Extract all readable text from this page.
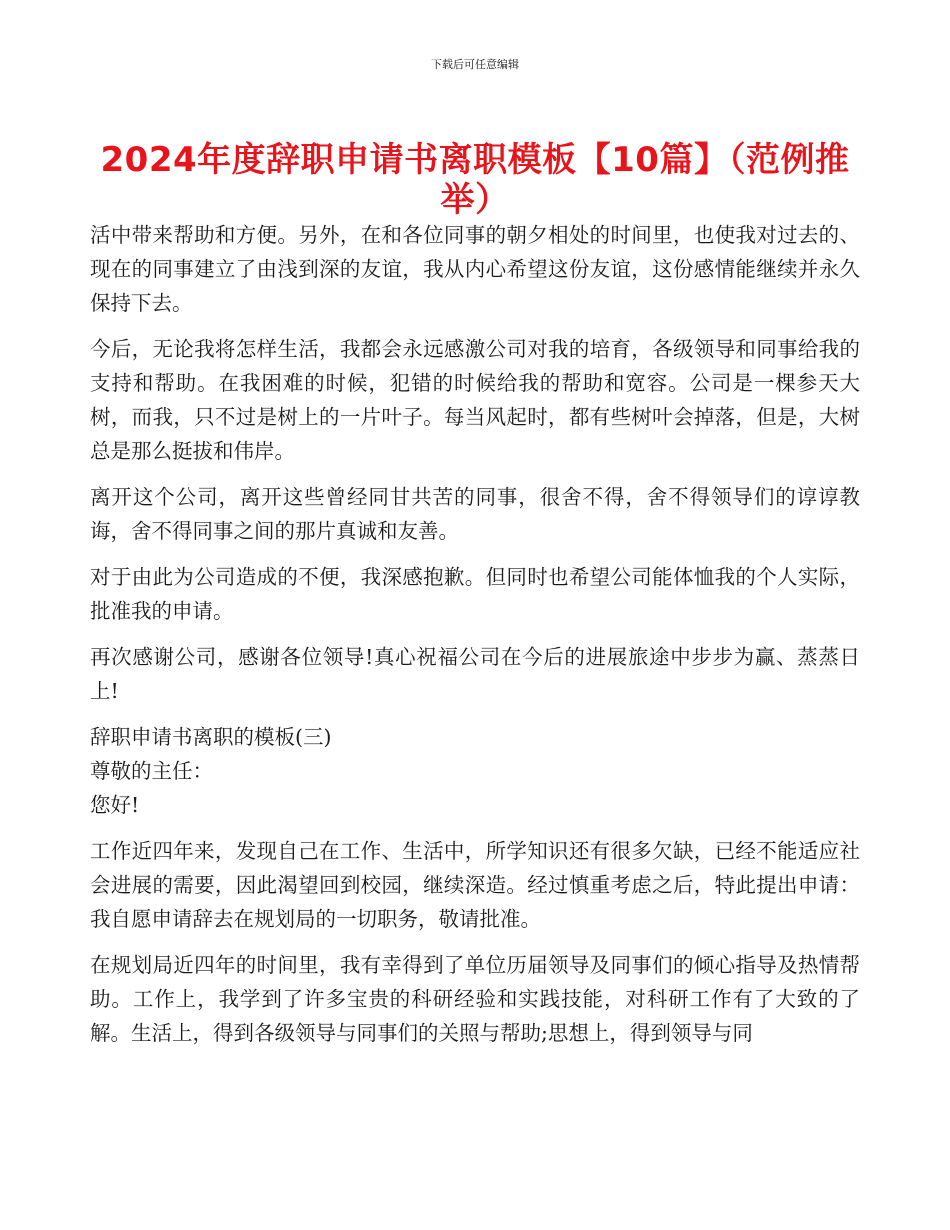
下载后可任意编辑
2024年度辞职申请书离职模板【10篇】（范例推举）

活中带来帮助和方便。另外，在和各位同事的朝夕相处的时间里，也使我对过去的、现在的同事建立了由浅到深的友谊，我从内心希望这份友谊，这份感情能继续并永久保持下去。

今后，无论我将怎样生活，我都会永远感激公司对我的培育，各级领导和同事给我的支持和帮助。在我困难的时候，犯错的时候给我的帮助和宽容。公司是一棵参天大树，而我，只不过是树上的一片叶子。每当风起时，都有些树叶会掉落，但是，大树总是那么挺拔和伟岸。

离开这个公司，离开这些曾经同甘共苦的同事，很舍不得，舍不得领导们的谆谆教诲，舍不得同事之间的那片真诚和友善。

对于由此为公司造成的不便，我深感抱歉。但同时也希望公司能体恤我的个人实际，批准我的申请。

再次感谢公司，感谢各位领导!真心祝福公司在今后的进展旅途中步步为赢、蒸蒸日上!

辞职申请书离职的模板(三)

尊敬的主任：

您好!

工作近四年来，发现自己在工作、生活中，所学知识还有很多欠缺，已经不能适应社会进展的需要，因此渴望回到校园，继续深造。经过慎重考虑之后，特此提出申请：我自愿申请辞去在规划局的一切职务，敬请批准。

在规划局近四年的时间里，我有幸得到了单位历届领导及同事们的倾心指导及热情帮助。工作上，我学到了许多宝贵的科研经验和实践技能，对科研工作有了大致的了解。生活上，得到各级领导与同事们的关照与帮助;思想上，得到领导与同
